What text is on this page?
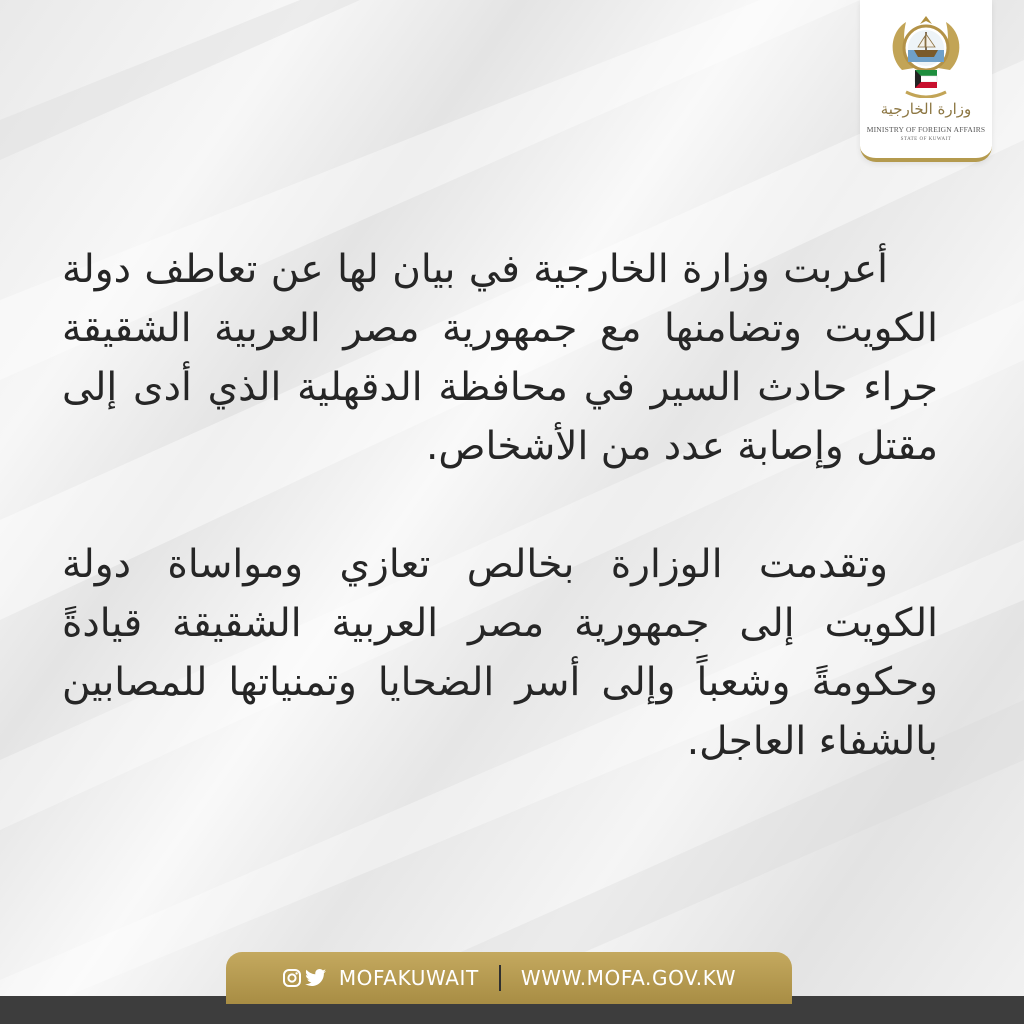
وزارة الخارجية
MINISTRY OF FOREIGN AFFAIRS
STATE OF KUWAIT

أعربت وزارة الخارجية في بيان لها عن تعاطف دولة الكويت وتضامنها مع جمهورية مصر العربية الشقيقة جراء حادث السير في محافظة الدقهلية الذي أدى إلى مقتل وإصابة عدد من الأشخاص.

وتقدمت الوزارة بخالص تعازي ومواساة دولة الكويت إلى جمهورية مصر العربية الشقيقة قيادةً وحكومةً وشعباً وإلى أسر الضحايا وتمنياتها للمصابين بالشفاء العاجل.

MOFAKUWAIT WWW.MOFA.GOV.KW
